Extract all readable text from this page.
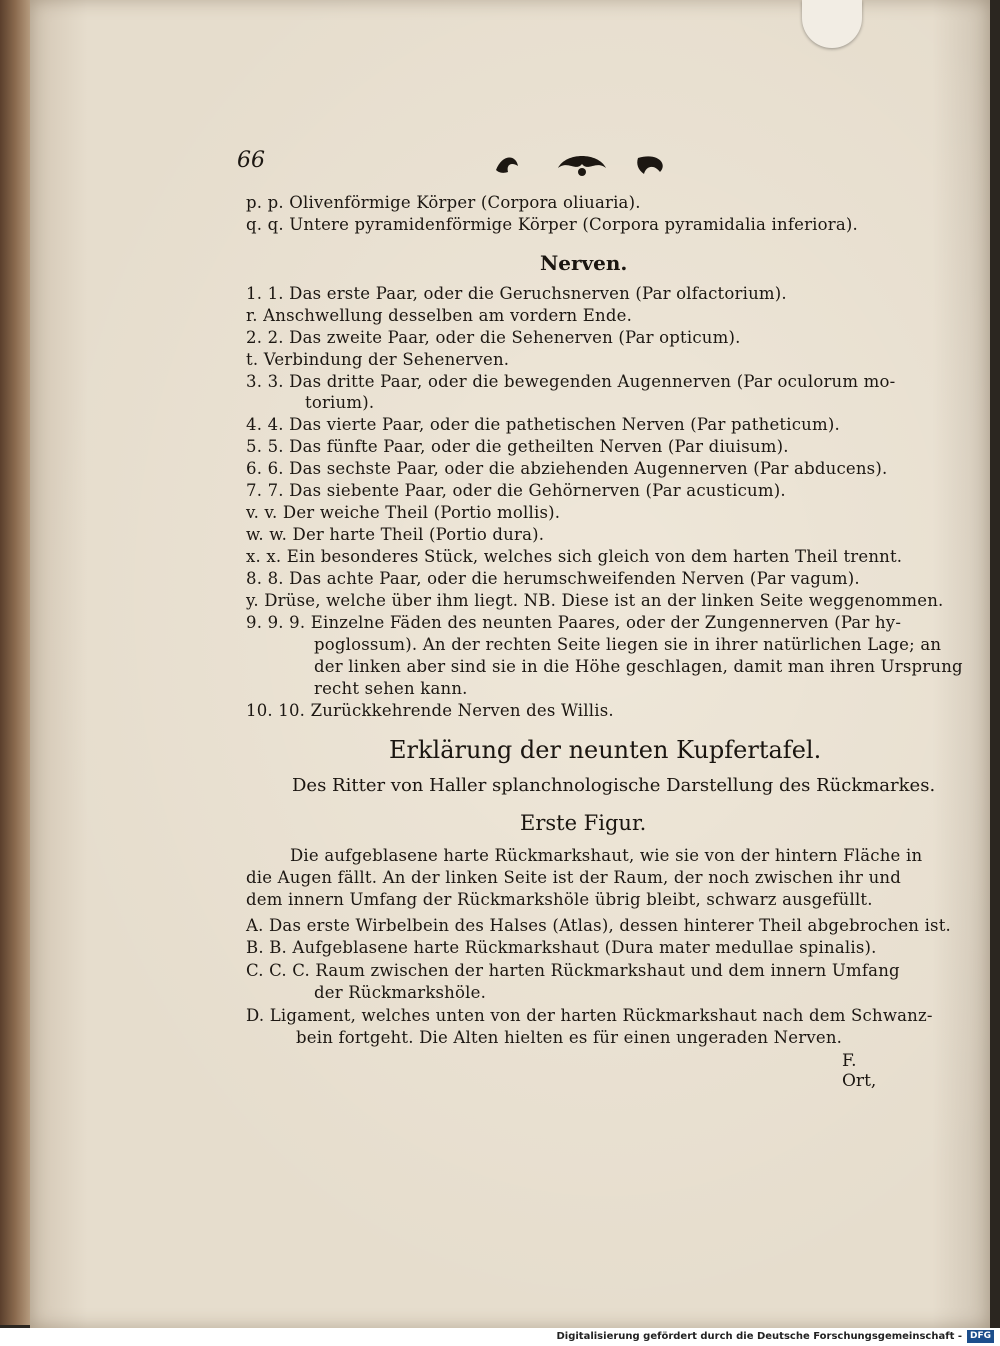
66
p. p. Olivenförmige Körper (Corpora oliuaria).
q. q. Untere pyramidenförmige Körper (Corpora pyramidalia inferiora).
Nerven.
1. 1. Das erste Paar, oder die Geruchsnerven (Par olfactorium).
r. Anschwellung desselben am vordern Ende.
2. 2. Das zweite Paar, oder die Sehenerven (Par opticum).
t. Verbindung der Sehenerven.
3. 3. Das dritte Paar, oder die bewegenden Augennerven (Par oculorum mo-
torium).
4. 4. Das vierte Paar, oder die pathetischen Nerven (Par patheticum).
5. 5. Das fünfte Paar, oder die getheilten Nerven (Par diuisum).
6. 6. Das sechste Paar, oder die abziehenden Augennerven (Par abducens).
7. 7. Das siebente Paar, oder die Gehörnerven (Par acusticum).
v. v. Der weiche Theil (Portio mollis).
w. w. Der harte Theil (Portio dura).
x. x. Ein besonderes Stück, welches sich gleich von dem harten Theil trennt.
8. 8. Das achte Paar, oder die herumschweifenden Nerven (Par vagum).
y. Drüse, welche über ihm liegt. NB. Diese ist an der linken Seite weggenommen.
9. 9. 9. Einzelne Fäden des neunten Paares, oder der Zungennerven (Par hy-
poglossum). An der rechten Seite liegen sie in ihrer natürlichen Lage; an
der linken aber sind sie in die Höhe geschlagen, damit man ihren Ursprung
recht sehen kann.
10. 10. Zurückkehrende Nerven des Willis.
Erklärung der neunten Kupfertafel.
Des Ritter von Haller splanchnologische Darstellung des Rückmarkes.
Erste Figur.
Die aufgeblasene harte Rückmarkshaut, wie sie von der hintern Fläche in
die Augen fällt. An der linken Seite ist der Raum, der noch zwischen ihr und
dem innern Umfang der Rückmarkshöle übrig bleibt, schwarz ausgefüllt.
A. Das erste Wirbelbein des Halses (Atlas), dessen hinterer Theil abgebrochen ist.
B. B. Aufgeblasene harte Rückmarkshaut (Dura mater medullae spinalis).
C. C. C. Raum zwischen der harten Rückmarkshaut und dem innern Umfang
der Rückmarkshöle.
D. Ligament, welches unten von der harten Rückmarkshaut nach dem Schwanz-
bein fortgeht. Die Alten hielten es für einen ungeraden Nerven.
F. Ort,
Digitalisierung gefördert durch die Deutsche Forschungsgemeinschaft - DFG
